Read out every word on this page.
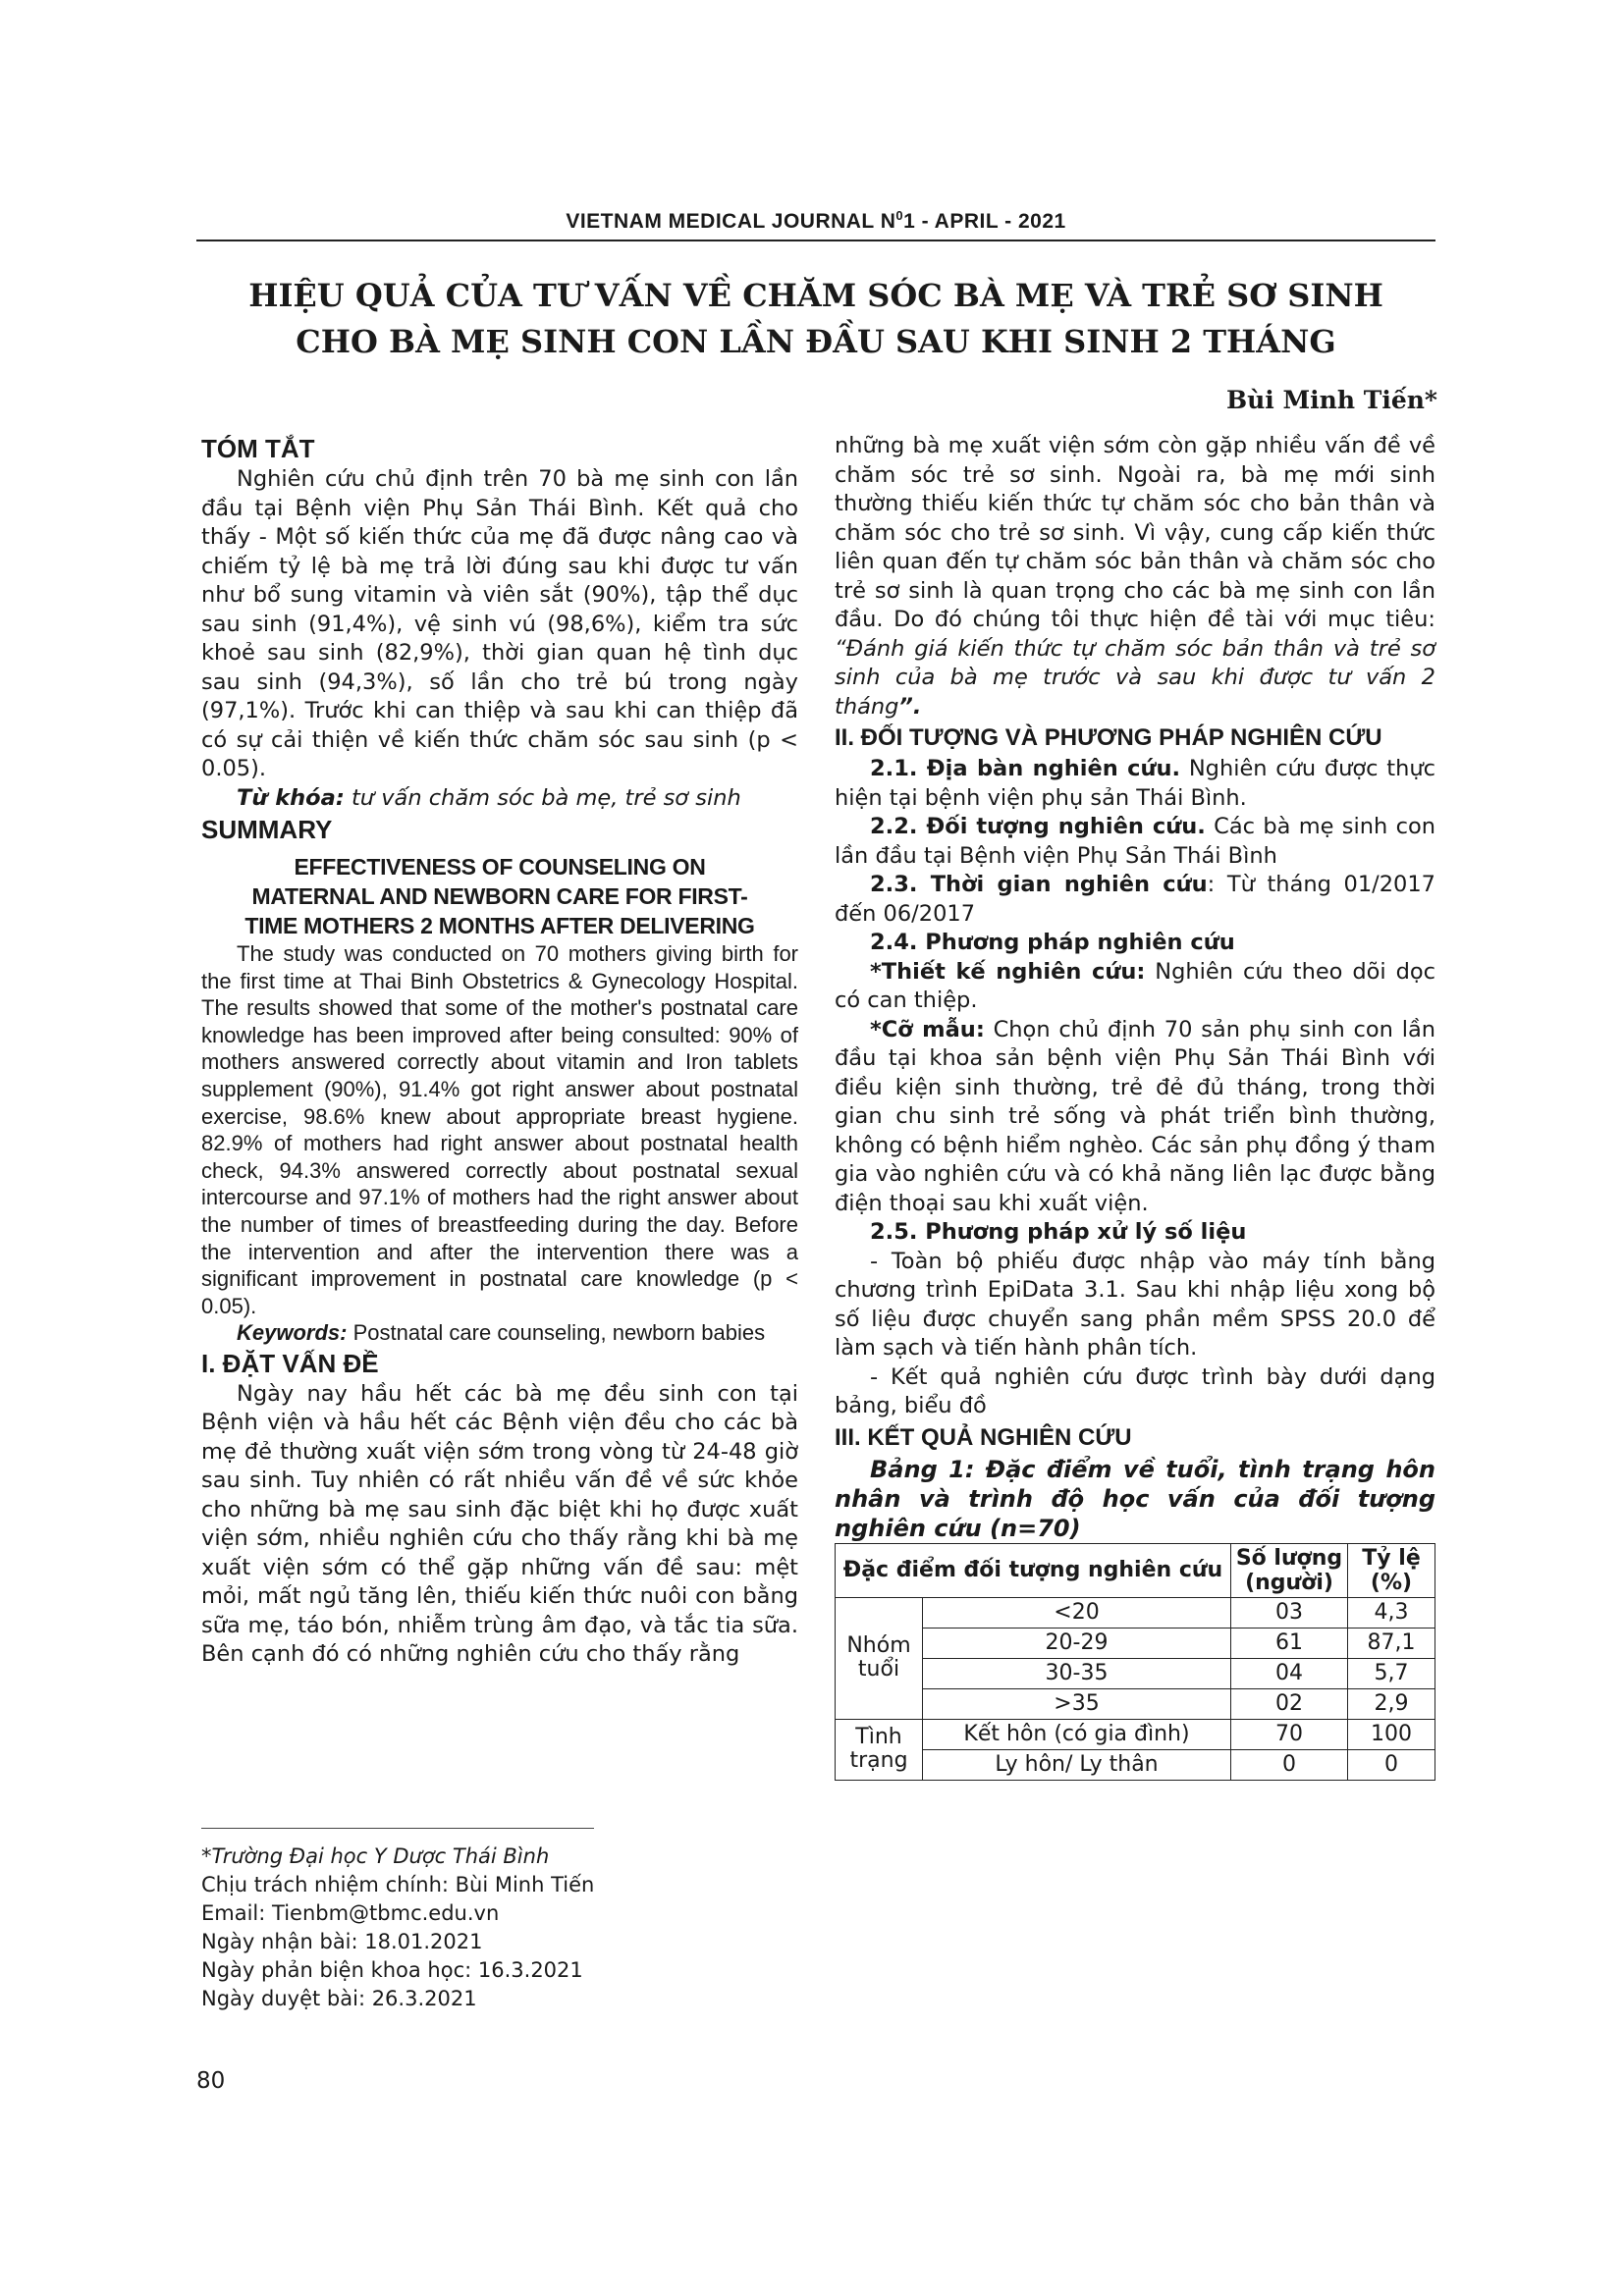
VIETNAM MEDICAL JOURNAL $N^01$ - APRIL - 2021
HIỆU QUẢ CỦA TƯ VẤN VỀ CHĂM SÓC BÀ MẸ VÀ TRẺ SƠ SINH
CHO BÀ MẸ SINH CON LẦN ĐẦU SAU KHI SINH 2 THÁNG
Bùi Minh Tiến*

TÓM TẮT

Nghiên cứu chủ định trên 70 bà mẹ sinh con lần đầu tại Bệnh viện Phụ Sản Thái Bình. Kết quả cho thấy - Một số kiến thức của mẹ đã được nâng cao và chiếm tỷ lệ bà mẹ trả lời đúng sau khi được tư vấn như bổ sung vitamin và viên sắt (90%), tập thể dục sau sinh (91,4%), vệ sinh vú (98,6%), kiểm tra sức khoẻ sau sinh (82,9%), thời gian quan hệ tình dục sau sinh (94,3%), số lần cho trẻ bú trong ngày (97,1%). Trước khi can thiệp và sau khi can thiệp đã có sự cải thiện về kiến thức chăm sóc sau sinh (p < 0.05).

Từ khóa: tư vấn chăm sóc bà mẹ, trẻ sơ sinh

SUMMARY

EFFECTIVENESS OF COUNSELING ON
MATERNAL AND NEWBORN CARE FOR FIRST-
TIME MOTHERS 2 MONTHS AFTER DELIVERING

The study was conducted on 70 mothers giving birth for the first time at Thai Binh Obstetrics & Gynecology Hospital. The results showed that some of the mother's postnatal care knowledge has been improved after being consulted: 90% of mothers answered correctly about vitamin and Iron tablets supplement (90%), 91.4% got right answer about postnatal exercise, 98.6% knew about appropriate breast hygiene. 82.9% of mothers had right answer about postnatal health check, 94.3% answered correctly about postnatal sexual intercourse and 97.1% of mothers had the right answer about the number of times of breastfeeding during the day. Before the intervention and after the intervention there was a significant improvement in postnatal care knowledge (p < 0.05).

Keywords: Postnatal care counseling, newborn babies

I. ĐẶT VẤN ĐỀ

Ngày nay hầu hết các bà mẹ đều sinh con tại Bệnh viện và hầu hết các Bệnh viện đều cho các bà mẹ đẻ thường xuất viện sớm trong vòng từ 24-48 giờ sau sinh. Tuy nhiên có rất nhiều vấn đề về sức khỏe cho những bà mẹ sau sinh đặc biệt khi họ được xuất viện sớm, nhiều nghiên cứu cho thấy rằng khi bà mẹ xuất viện sớm có thể gặp những vấn đề sau: mệt mỏi, mất ngủ tăng lên, thiếu kiến thức nuôi con bằng sữa mẹ, táo bón, nhiễm trùng âm đạo, và tắc tia sữa. Bên cạnh đó có những nghiên cứu cho thấy rằng

những bà mẹ xuất viện sớm còn gặp nhiều vấn đề về chăm sóc trẻ sơ sinh. Ngoài ra, bà mẹ mới sinh thường thiếu kiến thức tự chăm sóc cho bản thân và chăm sóc cho trẻ sơ sinh. Vì vậy, cung cấp kiến thức liên quan đến tự chăm sóc bản thân và chăm sóc cho trẻ sơ sinh là quan trọng cho các bà mẹ sinh con lần đầu. Do đó chúng tôi thực hiện đề tài với mục tiêu: “Đánh giá kiến thức tự chăm sóc bản thân và trẻ sơ sinh của bà mẹ trước và sau khi được tư vấn 2 tháng”.

II. ĐỐI TƯỢNG VÀ PHƯƠNG PHÁP NGHIÊN CỨU

2.1. Địa bàn nghiên cứu. Nghiên cứu được thực hiện tại bệnh viện phụ sản Thái Bình.

2.2. Đối tượng nghiên cứu. Các bà mẹ sinh con lần đầu tại Bệnh viện Phụ Sản Thái Bình

2.3. Thời gian nghiên cứu: Từ tháng 01/2017 đến 06/2017

2.4. Phương pháp nghiên cứu

*Thiết kế nghiên cứu: Nghiên cứu theo dõi dọc có can thiệp.

*Cỡ mẫu: Chọn chủ định 70 sản phụ sinh con lần đầu tại khoa sản bệnh viện Phụ Sản Thái Bình với điều kiện sinh thường, trẻ đẻ đủ tháng, trong thời gian chu sinh trẻ sống và phát triển bình thường, không có bệnh hiểm nghèo. Các sản phụ đồng ý tham gia vào nghiên cứu và có khả năng liên lạc được bằng điện thoại sau khi xuất viện.

2.5. Phương pháp xử lý số liệu

- Toàn bộ phiếu được nhập vào máy tính bằng chương trình EpiData 3.1. Sau khi nhập liệu xong bộ số liệu được chuyển sang phần mềm SPSS 20.0 để làm sạch và tiến hành phân tích.

- Kết quả nghiên cứu được trình bày dưới dạng bảng, biểu đồ

III. KẾT QUẢ NGHIÊN CỨU

Bảng 1: Đặc điểm về tuổi, tình trạng hôn nhân và trình độ học vấn của đối tượng nghiên cứu (n=70)

Đặc điểm đối tượng nghiên cứu		Số lượng (người)	Tỷ lệ (%)
Nhóm tuổi	<20	03	4,3
	20-29	61	87,1
	30-35	04	5,7
	>35	02	2,9
Tình trạng	Kết hôn (có gia đình)	70	100
	Ly hôn/ Ly thân	0	0
*Trường Đại học Y Dược Thái Bình
Chịu trách nhiệm chính: Bùi Minh Tiến
Email: Tienbm@tbmc.edu.vn
Ngày nhận bài: 18.01.2021
Ngày phản biện khoa học: 16.3.2021
Ngày duyệt bài: 26.3.2021
80
